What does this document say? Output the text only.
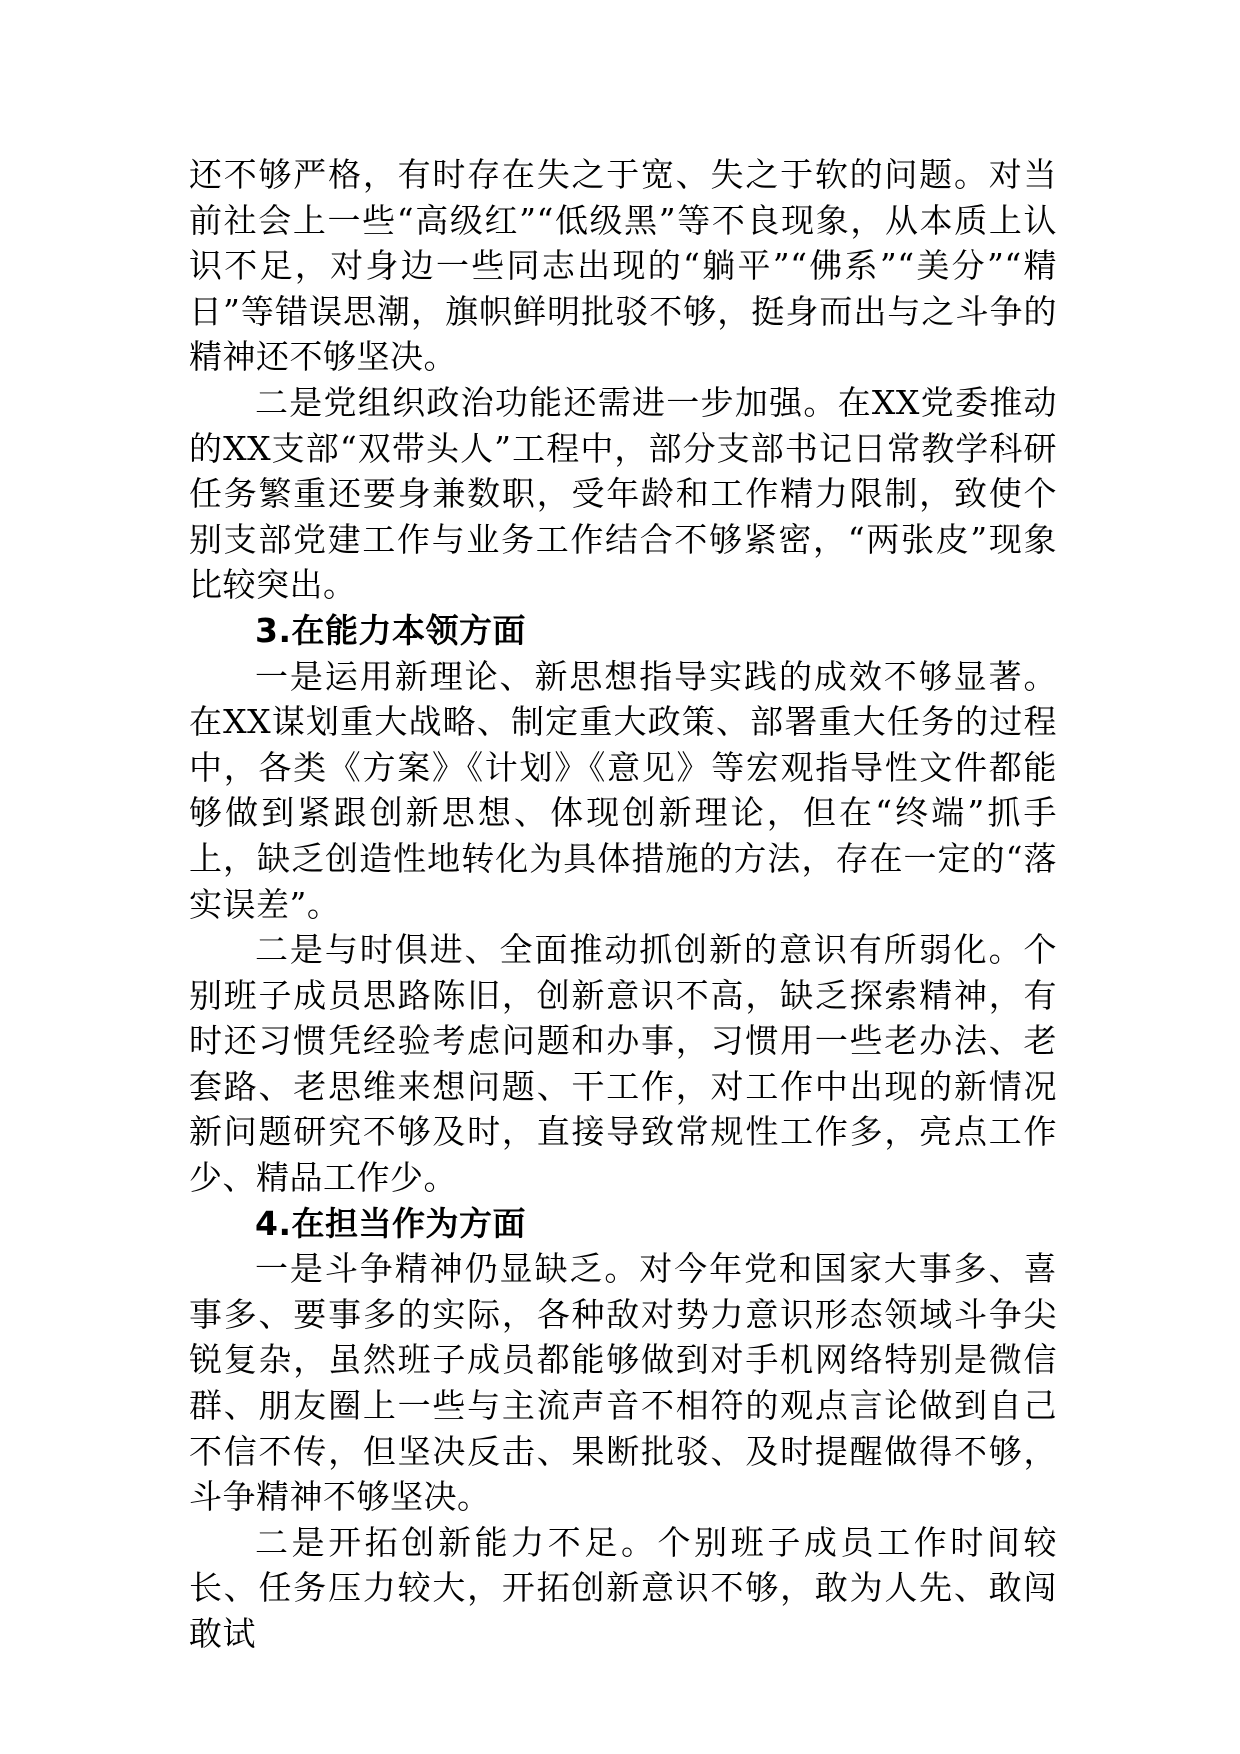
还不够严格，有时存在失之于宽、失之于软的问题。对当前社会上一些“高级红”“低级黑”等不良现象，从本质上认识不足，对身边一些同志出现的“躺平”“佛系”“美分”“精日”等错误思潮，旗帜鲜明批驳不够，挺身而出与之斗争的精神还不够坚决。

二是党组织政治功能还需进一步加强。在XX党委推动的XX支部“双带头人”工程中，部分支部书记日常教学科研任务繁重还要身兼数职，受年龄和工作精力限制，致使个别支部党建工作与业务工作结合不够紧密，“两张皮”现象比较突出。

3.在能力本领方面

一是运用新理论、新思想指导实践的成效不够显著。在XX谋划重大战略、制定重大政策、部署重大任务的过程中，各类《方案》《计划》《意见》等宏观指导性文件都能够做到紧跟创新思想、体现创新理论，但在“终端”抓手上，缺乏创造性地转化为具体措施的方法，存在一定的“落实误差”。

二是与时俱进、全面推动抓创新的意识有所弱化。个别班子成员思路陈旧，创新意识不高，缺乏探索精神，有时还习惯凭经验考虑问题和办事，习惯用一些老办法、老套路、老思维来想问题、干工作，对工作中出现的新情况新问题研究不够及时，直接导致常规性工作多，亮点工作少、精品工作少。

4.在担当作为方面

一是斗争精神仍显缺乏。对今年党和国家大事多、喜事多、要事多的实际，各种敌对势力意识形态领域斗争尖锐复杂，虽然班子成员都能够做到对手机网络特别是微信群、朋友圈上一些与主流声音不相符的观点言论做到自己不信不传，但坚决反击、果断批驳、及时提醒做得不够，斗争精神不够坚决。

二是开拓创新能力不足。个别班子成员工作时间较长、任务压力较大，开拓创新意识不够，敢为人先、敢闯敢试
